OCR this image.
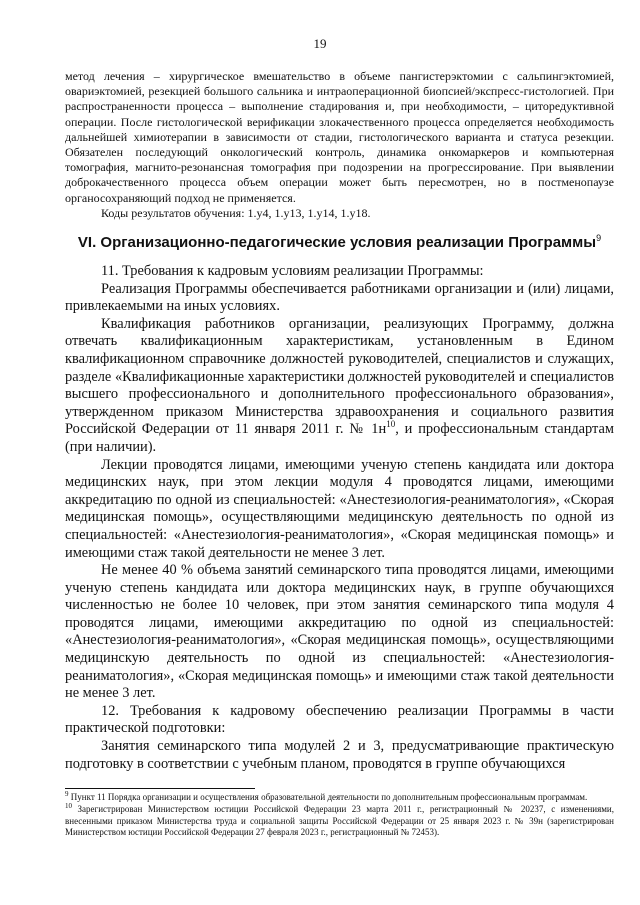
19

метод лечения – хирургическое вмешательство в объеме пангистерэктомии с сальпингэктомией, овариэктомией, резекцией большого сальника и интраоперационной биопсией/экспресс-гистологией. При распространенности процесса – выполнение стадирования и, при необходимости, – циторедуктивной операции. После гистологической верификации злокачественного процесса определяется необходимость дальнейшей химиотерапии в зависимости от стадии, гистологического варианта и статуса резекции. Обязателен последующий онкологический контроль, динамика онкомаркеров и компьютерная томография, магнито-резонансная томография при подозрении на прогрессирование. При выявлении доброкачественного процесса объем операции может быть пересмотрен, но в постменопаузе органосохраняющий подход не применяется.

Коды результатов обучения: 1.у4, 1.у13, 1.у14, 1.у18.

VI. Организационно-педагогические условия реализации Программы$^9$

11. Требования к кадровым условиям реализации Программы:

Реализация Программы обеспечивается работниками организации и (или) лицами, привлекаемыми на иных условиях.

Квалификация работников организации, реализующих Программу, должна отвечать квалификационным характеристикам, установленным в Едином квалификационном справочнике должностей руководителей, специалистов и служащих, разделе «Квалификационные характеристики должностей руководителей и специалистов высшего профессионального и дополнительного профессионального образования», утвержденном приказом Министерства здравоохранения и социального развития Российской Федерации от 11 января 2011 г. № $1н^{10}$, и профессиональным стандартам (при наличии).

Лекции проводятся лицами, имеющими ученую степень кандидата или доктора медицинских наук, при этом лекции модуля 4 проводятся лицами, имеющими аккредитацию по одной из специальностей: «Анестезиология-реаниматология», «Скорая медицинская помощь», осуществляющими медицинскую деятельность по одной из специальностей: «Анестезиология-реаниматология», «Скорая медицинская помощь» и имеющими стаж такой деятельности не менее 3 лет.

Не менее 40 % объема занятий семинарского типа проводятся лицами, имеющими ученую степень кандидата или доктора медицинских наук, в группе обучающихся численностью не более 10 человек, при этом занятия семинарского типа модуля 4 проводятся лицами, имеющими аккредитацию по одной из специальностей: «Анестезиология-реаниматология», «Скорая медицинская помощь», осуществляющими медицинскую деятельность по одной из специальностей: «Анестезиология-реаниматология», «Скорая медицинская помощь» и имеющими стаж такой деятельности не менее 3 лет.

12. Требования к кадровому обеспечению реализации Программы в части практической подготовки:

Занятия семинарского типа модулей 2 и 3, предусматривающие практическую подготовку в соответствии с учебным планом, проводятся в группе обучающихся

$^9$ Пункт 11 Порядка организации и осуществления образовательной деятельности по дополнительным профессиональным программам.

$^{10}$ Зарегистрирован Министерством юстиции Российской Федерации 23 марта 2011 г., регистрационный № 20237, с изменениями, внесенными приказом Министерства труда и социальной защиты Российской Федерации от 25 января 2023 г. № 39н (зарегистрирован Министерством юстиции Российской Федерации 27 февраля 2023 г., регистрационный № 72453).
